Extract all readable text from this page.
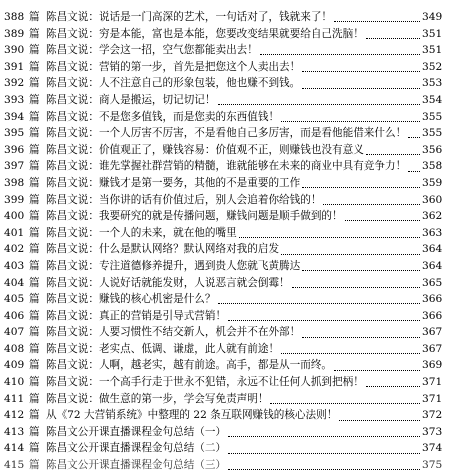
388 篇 陈昌文说：说话是一门高深的艺术，一句话对了，钱就来了！	349
389 篇 陈昌文说：穷是本能，富也是本能，您要改变结果就要给自己洗脑！	351
390 篇 陈昌文说：学会这一招，空气您都能卖出去！	351
391 篇 陈昌文说：营销的第一步，首先是把您这个人卖出去！	352
392 篇 陈昌文说：人不注意自己的形象包装，他也赚不到钱。	353
393 篇 陈昌文说：商人是搬运，切记切记！	354
394 篇 陈昌文说：不是您多值钱，而是您卖的东西值钱！	355
395 篇 陈昌文说：一个人厉害不厉害，不是看他自己多厉害，而是看他能借来什么！ 355
396 篇 陈昌文说：价值观正了，赚钱容易：价值观不正，则赚钱也没有意义	356
397 篇 陈昌文说：谁先掌握社群营销的精髓，谁就能够在未来的商业中具有竞争力！ 358
398 篇 陈昌文说：赚钱才是第一要务，其他的不是重要的工作	359
399 篇 陈昌文说：当你讲的话有价值过后，别人会追着你给钱的！	360
400 篇 陈昌文说：我要研究的就是传播问题，赚钱问题是顺手做到的！	362
401 篇 陈昌文说：一个人的未来，就在他的嘴里	363
402 篇 陈昌文说：什么是默认网络？默认网络对我的启发	364
403 篇 陈昌文说：专注道德修养提升，遇到贵人您就飞黄腾达	364
404 篇 陈昌文说：人说好话就能发财，人说恶言就会倒霉！	365
405 篇 陈昌文说：赚钱的核心机密是什么？	366
406 篇 陈昌文说：真正的营销是引导式营销！	366
407 篇 陈昌文说：人要习惯性不结交新人，机会并不在外部！	367
408 篇 陈昌文说：老实点、低调、谦虚，此人就有前途！	367
409 篇 陈昌文说：人啊，越老实，越有前途。高手，都是从一而终。	369
410 篇 陈昌文说：一个高手行走于世永不犯错，永远不让任何人抓到把柄！	371
411 篇 陈昌文说：做生意的第一步，学会写免责声明！	371
412 篇 从《72 大营销系统》中整理的 22 条互联网赚钱的核心法则！	372
413 篇 陈昌文公开课直播课程金句总结（一）	373
414 篇 陈昌文公开课直播课程金句总结（二）	374
415 篇 陈昌文公开课直播课程金句总结（三）	375
